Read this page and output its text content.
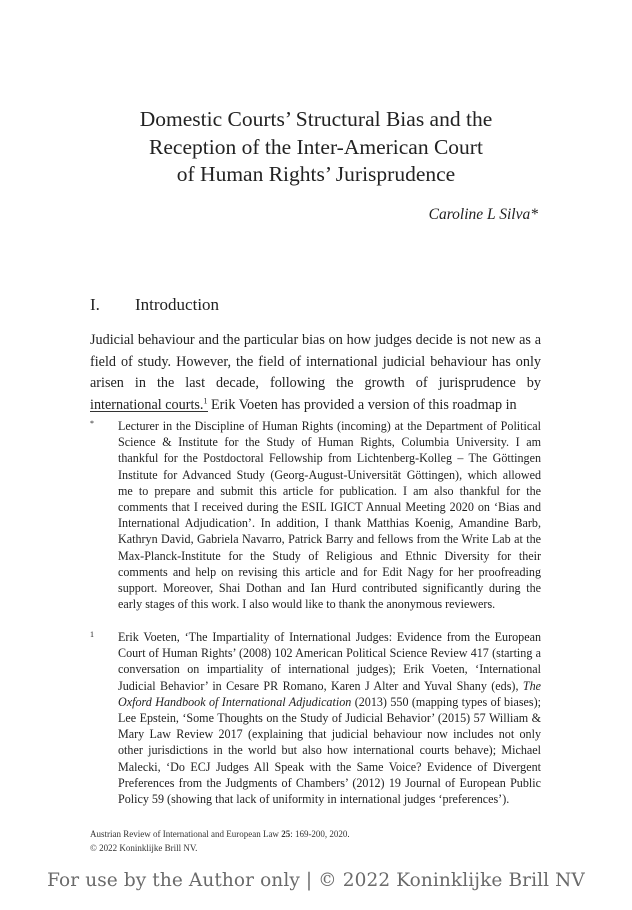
Domestic Courts’ Structural Bias and the
Reception of the Inter-American Court
of Human Rights’ Jurisprudence
Caroline L Silva*
I. Introduction

Judicial behaviour and the particular bias on how judges decide is not new as a field of study. However, the field of international judicial behaviour has only arisen in the last decade, following the growth of jurisprudence by international courts.$^1$ Erik Voeten has provided a version of this roadmap in

* Lecturer in the Discipline of Human Rights (incoming) at the Department of Political Science & Institute for the Study of Human Rights, Columbia University. I am thankful for the Postdoctoral Fellowship from Lichtenberg-Kolleg – The Göttingen Institute for Advanced Study (Georg-August-Universität Göttingen), which allowed me to prepare and submit this article for publication. I am also thankful for the comments that I received during the ESIL IGICT Annual Meeting 2020 on ‘Bias and International Adjudication’. In addition, I thank Matthias Koenig, Amandine Barb, Kathryn David, Gabriela Navarro, Patrick Barry and fellows from the Write Lab at the Max-Planck-Institute for the Study of Religious and Ethnic Diversity for their comments and help on revising this article and for Edit Nagy for her proofreading support. Moreover, Shai Dothan and Ian Hurd contributed significantly during the early stages of this work. I also would like to thank the anonymous reviewers.
1 Erik Voeten, ‘The Impartiality of International Judges: Evidence from the European Court of Human Rights’ (2008) 102 American Political Science Review 417 (starting a conversation on impartiality of international judges); Erik Voeten, ‘International Judicial Behavior’ in Cesare PR Romano, Karen J Alter and Yuval Shany (eds), The Oxford Handbook of International Adjudication (2013) 550 (mapping types of biases); Lee Epstein, ‘Some Thoughts on the Study of Judicial Behavior’ (2015) 57 William & Mary Law Review 2017 (explaining that judicial behaviour now includes not only other jurisdictions in the world but also how international courts behave); Michael Malecki, ‘Do ECJ Judges All Speak with the Same Voice? Evidence of Divergent Preferences from the Judgments of Chambers’ (2012) 19 Journal of European Public Policy 59 (showing that lack of uniformity in international judges ‘preferences’).
Austrian Review of International and European Law 25: 169-200, 2020.
© 2022 Koninklijke Brill NV.
For use by the Author only | © 2022 Koninklijke Brill NV
